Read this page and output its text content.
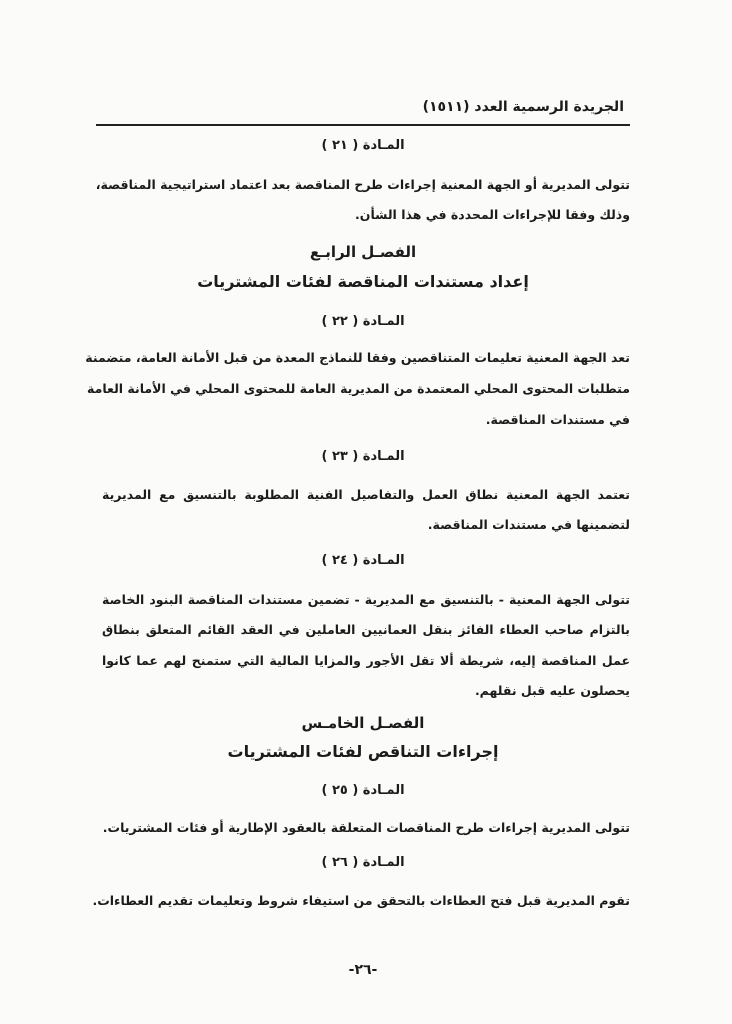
الجريدة الرسمية العدد (١٥١١)
المـادة ( ٢١ )
تتولى المديرية أو الجهة المعنية إجراءات طرح المناقصة بعد اعتماد استراتيجية المناقصة،
وذلك وفقا للإجراءات المحددة في هذا الشأن.
الفصـل الرابـع
إعداد مستندات المناقصة لفئات المشتريات
المـادة ( ٢٢ )
تعد الجهة المعنية تعليمات المتناقصين وفقا للنماذج المعدة من قبل الأمانة العامة، متضمنة
متطلبات المحتوى المحلي المعتمدة من المديرية العامة للمحتوى المحلي في الأمانة العامة
في مستندات المناقصة.
المـادة ( ٢٣ )
تعتمد الجهة المعنية نطاق العمل والتفاصيل الفنية المطلوبة بالتنسيق مع المديرية
لتضمينها في مستندات المناقصة.
المـادة ( ٢٤ )
تتولى الجهة المعنية - بالتنسيق مع المديرية - تضمين مستندات المناقصة البنود الخاصة
بالتزام صاحب العطاء الفائز بنقل العمانيين العاملين في العقد القائم المتعلق بنطاق
عمل المناقصة إليه، شريطة ألا تقل الأجور والمزايا المالية التي ستمنح لهم عما كانوا
يحصلون عليه قبل نقلهم.
الفصـل الخامـس
إجراءات التناقص لفئات المشتريات
المـادة ( ٢٥ )
تتولى المديرية إجراءات طرح المناقصات المتعلقة بالعقود الإطارية أو فئات المشتريات.
المـادة ( ٢٦ )
تقوم المديرية قبل فتح العطاءات بالتحقق من استيفاء شروط وتعليمات تقديم العطاءات.
-٢٦-
